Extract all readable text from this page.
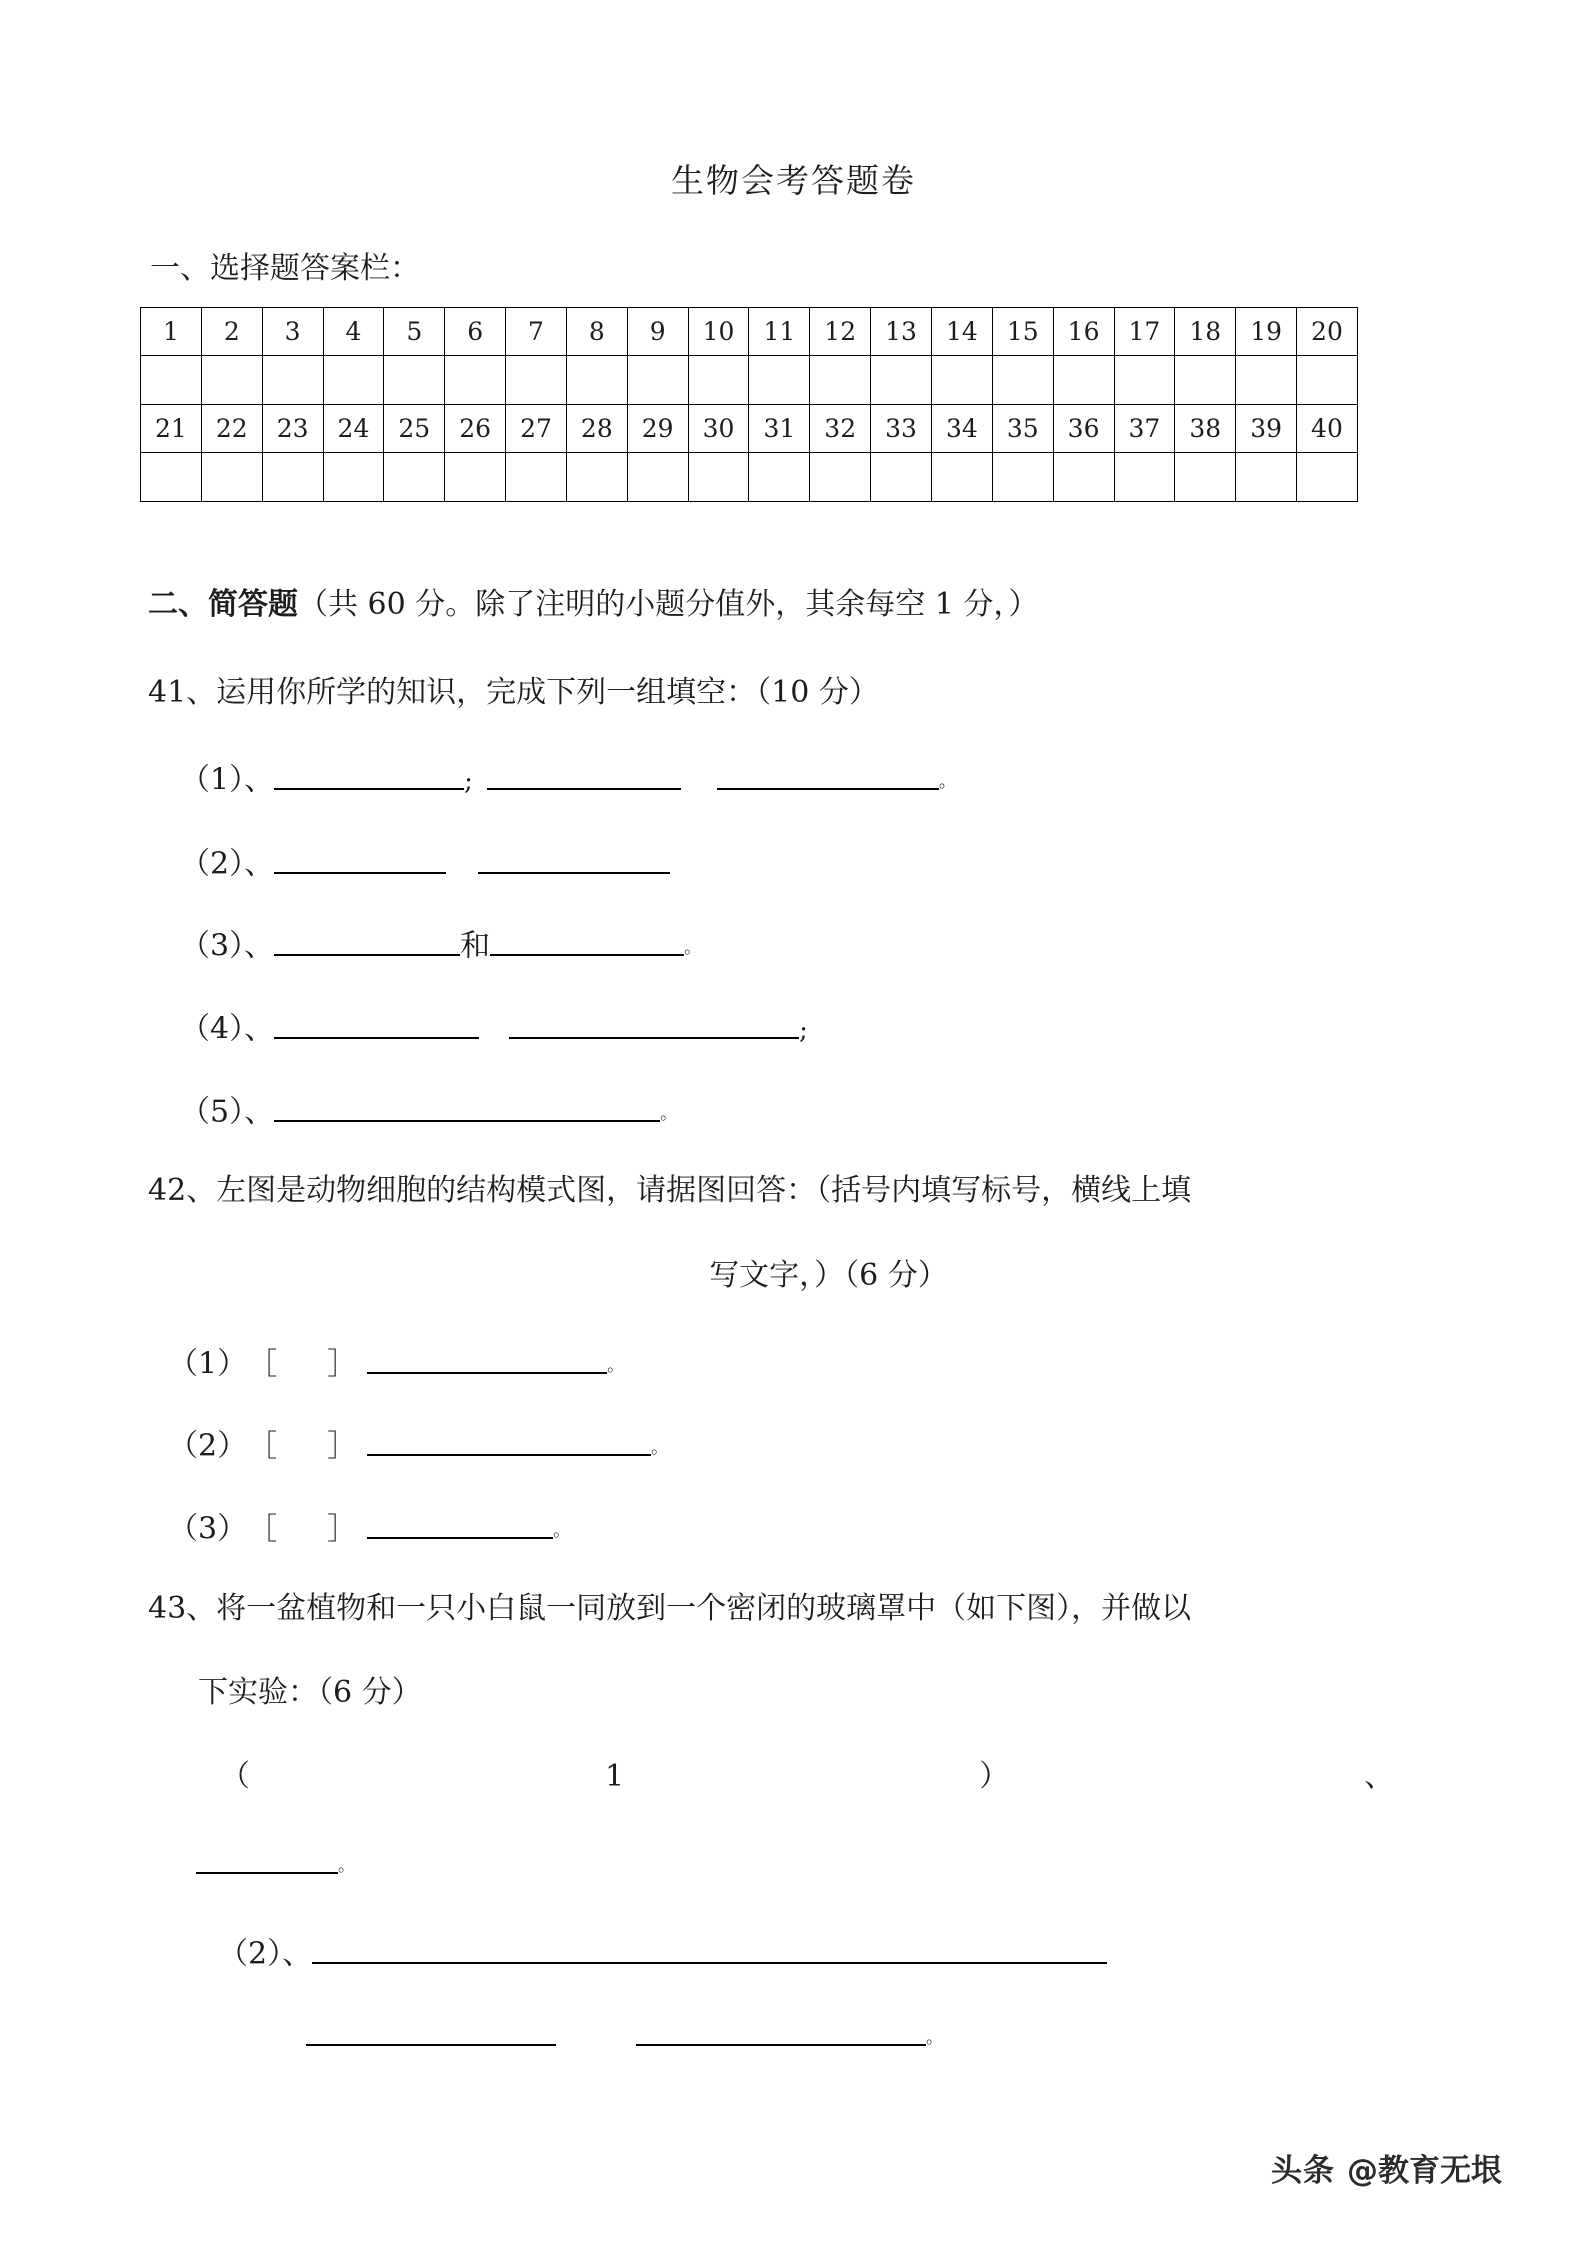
生物会考答题卷
一、选择题答案栏：
1	2	3	4	5	6	7	8	9	10	11	12	13	14	15	16	17	18	19	20

21	22	23	24	25	26	27	28	29	30	31	32	33	34	35	36	37	38	39	40

二、简答题（共 60 分。除了注明的小题分值外，其余每空 1 分，）
41、运用你所学的知识，完成下列一组填空：（10 分）
（1）、	;	。
（2）、
（3）、	和	。
（4）、	;
（5）、	。
42、左图是动物细胞的结构模式图，请据图回答：（括号内填写标号，横线上填
写文字，）（6 分）
（1）［　］	。
（2）［　］	。
（3）［　］	。
43、将一盆植物和一只小白鼠一同放到一个密闭的玻璃罩中（如下图），并做以
下实验：（6 分）
（	1	）	、
。
（2）、
。
头条 @教育无垠
